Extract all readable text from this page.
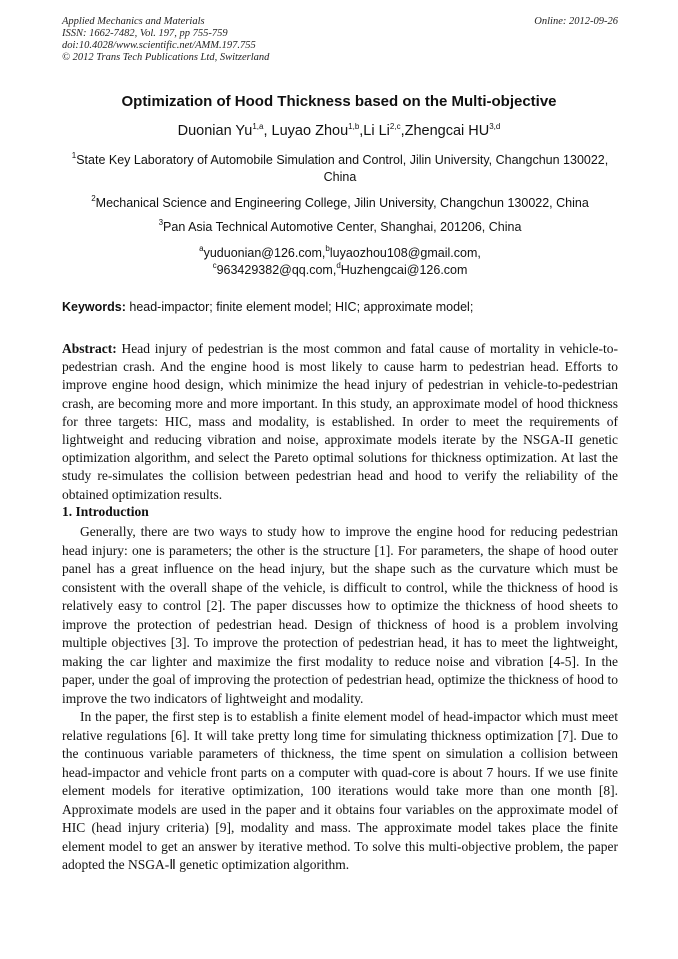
Applied Mechanics and Materials
ISSN: 1662-7482, Vol. 197, pp 755-759
doi:10.4028/www.scientific.net/AMM.197.755
© 2012 Trans Tech Publications Ltd, Switzerland
Online: 2012-09-26
Optimization of Hood Thickness based on the Multi-objective
Duonian Yu$^{1,a}$, Luyao Zhou$^{1,b}$,Li Li$^{2,c}$,Zhengcai HU$^{3,d}$
$^1$State Key Laboratory of Automobile Simulation and Control, Jilin University, Changchun 130022, China
$^2$Mechanical Science and Engineering College, Jilin University, Changchun 130022, China
$^3$Pan Asia Technical Automotive Center, Shanghai, 201206, China
$^a$yuduonian@126.com,$^b$luyaozhou108@gmail.com,
$^c$963429382@qq.com,$^d$Huzhengcai@126.com
Keywords: head-impactor; finite element model; HIC; approximate model;
Abstract: Head injury of pedestrian is the most common and fatal cause of mortality in vehicle-to-pedestrian crash. And the engine hood is most likely to cause harm to pedestrian head. Efforts to improve engine hood design, which minimize the head injury of pedestrian in vehicle-to-pedestrian crash, are becoming more and more important. In this study, an approximate model of hood thickness for three targets: HIC, mass and modality, is established. In order to meet the requirements of lightweight and reducing vibration and noise, approximate models iterate by the NSGA-II genetic optimization algorithm, and select the Pareto optimal solutions for thickness optimization. At last the study re-simulates the collision between pedestrian head and hood to verify the reliability of the obtained optimization results.
1. Introduction

Generally, there are two ways to study how to improve the engine hood for reducing pedestrian head injury: one is parameters; the other is the structure [1]. For parameters, the shape of hood outer panel has a great influence on the head injury, but the shape such as the curvature which must be consistent with the overall shape of the vehicle, is difficult to control, while the thickness of hood is relatively easy to control [2]. The paper discusses how to optimize the thickness of hood sheets to improve the protection of pedestrian head. Design of thickness of hood is a problem involving multiple objectives [3]. To improve the protection of pedestrian head, it has to meet the lightweight, making the car lighter and maximize the first modality to reduce noise and vibration [4-5]. In the paper, under the goal of improving the protection of pedestrian head, optimize the thickness of hood to improve the two indicators of lightweight and modality.

In the paper, the first step is to establish a finite element model of head-impactor which must meet relative regulations [6]. It will take pretty long time for simulating thickness optimization [7]. Due to the continuous variable parameters of thickness, the time spent on simulation a collision between head-impactor and vehicle front parts on a computer with quad-core is about 7 hours. If we use finite element models for iterative optimization, 100 iterations would take more than one month [8]. Approximate models are used in the paper and it obtains four variables on the approximate model of HIC (head injury criteria) [9], modality and mass. The approximate model takes place the finite element model to get an answer by iterative method. To solve this multi-objective problem, the paper adopted the NSGA-Ⅱ genetic optimization algorithm.
